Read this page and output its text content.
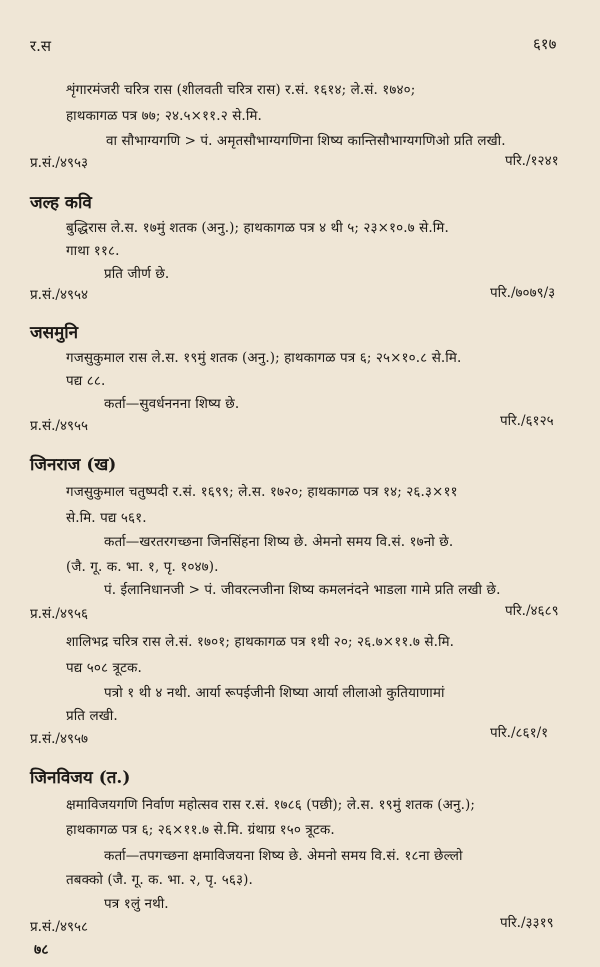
र.स	६१७
शृंगारमंजरी चरित्र रास (शीलवती चरित्र रास) र.सं. १६१४; ले.सं. १७४०;
हाथकागळ पत्र ७७; २४.५×११.२ से.मि.
वा सौभाग्यगणि > पं. अमृतसौभाग्यगणिना शिष्य कान्तिसौभाग्यगणिओ प्रति लखी.
प्र.सं./४९५३	परि./१२४१
जल्ह कवि
बुद्धिरास ले.स. १७मुं शतक (अनु.); हाथकागळ पत्र ४ थी ५; २३×१०.७ से.मि.
गाथा ११८.
प्रति जीर्ण छे.
प्र.सं./४९५४	परि./७०७९/३
जसमुनि
गजसुकुमाल रास ले.स. १९मुं शतक (अनु.); हाथकागळ पत्र ६; २५×१०.८ से.मि.
पद्य ८८.
कर्ता—सुवर्धननना शिष्य छे.
प्र.सं./४९५५	परि./६१२५
जिनराज (ख)
गजसुकुमाल चतुष्पदी र.सं. १६९९; ले.स. १७२०; हाथकागळ पत्र १४; २६.३×११
से.मि. पद्य ५६१.
कर्ता—खरतरगच्छना जिनसिंहना शिष्य छे. अेमनो समय वि.सं. १७नो छे.
(जै. गू. क. भा. १, पृ. १०४७).
पं. ईलानिधानजी > पं. जीवरत्नजीना शिष्य कमलनंदने भाडला गामे प्रति लखी छे.
प्र.सं./४९५६	परि./४६८९
शालिभद्र चरित्र रास ले.सं. १७०१; हाथकागळ पत्र १थी २०; २६.७×११.७ से.मि.
पद्य ५०८ त्रूटक.
पत्रो १ थी ४ नथी. आर्या रूपईजीनी शिष्या आर्या लीलाओ कुतियाणामां
प्रति लखी.
प्र.सं./४९५७	परि./८६१/१
जिनविजय (त.)
क्षमाविजयगणि निर्वाण महोत्सव रास र.सं. १७८६ (पछी); ले.स. १९मुं शतक (अनु.);
हाथकागळ पत्र ६; २६×११.७ से.मि. ग्रंथाग्र १५० त्रूटक.
कर्ता—तपगच्छना क्षमाविजयना शिष्य छे. अेमनो समय वि.सं. १८ना छेल्लो
तबक्को (जै. गू. क. भा. २, पृ. ५६३).
पत्र १लुं नथी.
प्र.सं./४९५८	परि./३३१९
७८
